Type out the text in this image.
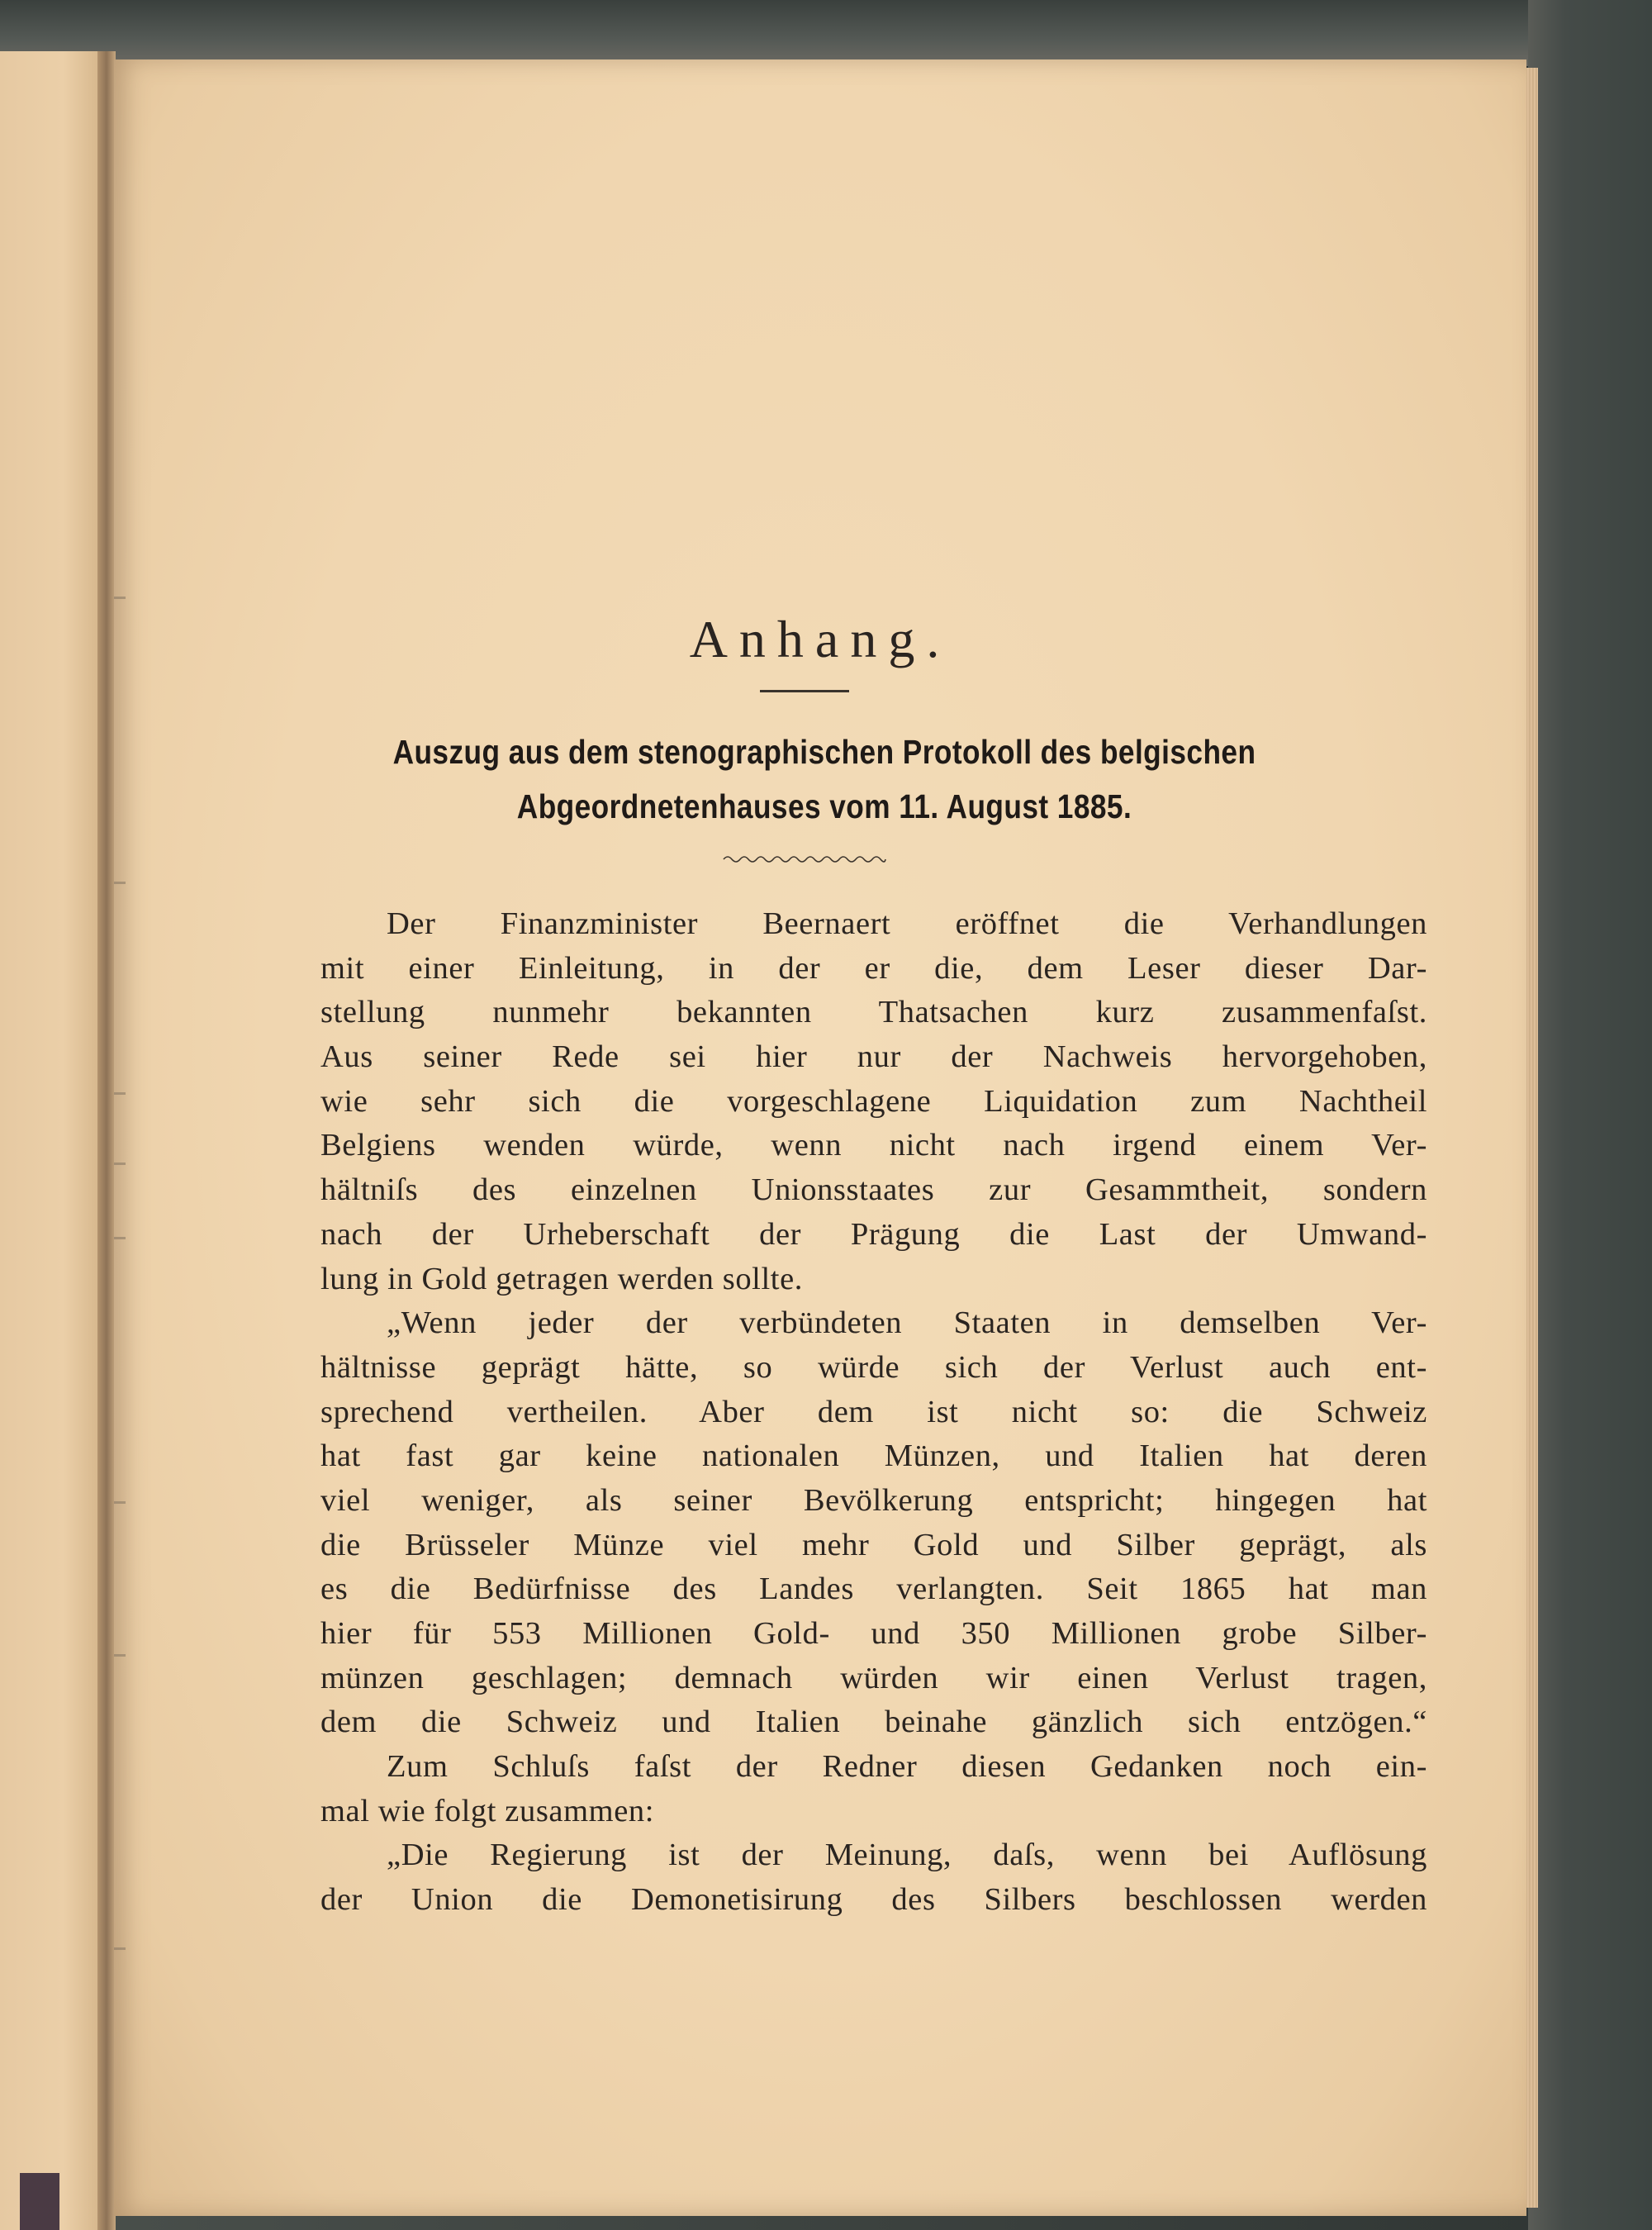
Anhang.
Auszug aus dem stenographischen Protokoll des belgischen
Abgeordnetenhauses vom 11. August 1885.
Der Finanzminister Beernaert eröffnet die Verhandlungen
mit einer Einleitung, in der er die, dem Leser dieser Dar-
stellung nunmehr bekannten Thatsachen kurz zusammenfaſst.
Aus seiner Rede sei hier nur der Nachweis hervorgehoben,
wie sehr sich die vorgeschlagene Liquidation zum Nachtheil
Belgiens wenden würde, wenn nicht nach irgend einem Ver-
hältniſs des einzelnen Unionsstaates zur Gesammtheit, sondern
nach der Urheberschaft der Prägung die Last der Umwand-
lung in Gold getragen werden sollte.
„Wenn jeder der verbündeten Staaten in demselben Ver-
hältnisse geprägt hätte, so würde sich der Verlust auch ent-
sprechend vertheilen. Aber dem ist nicht so: die Schweiz
hat fast gar keine nationalen Münzen, und Italien hat deren
viel weniger, als seiner Bevölkerung entspricht; hingegen hat
die Brüsseler Münze viel mehr Gold und Silber geprägt, als
es die Bedürfnisse des Landes verlangten. Seit 1865 hat man
hier für 553 Millionen Gold- und 350 Millionen grobe Silber-
münzen geschlagen; demnach würden wir einen Verlust tragen,
dem die Schweiz und Italien beinahe gänzlich sich entzögen.“
Zum Schluſs faſst der Redner diesen Gedanken noch ein-
mal wie folgt zusammen:
„Die Regierung ist der Meinung, daſs, wenn bei Auflösung
der Union die Demonetisirung des Silbers beschlossen werden
